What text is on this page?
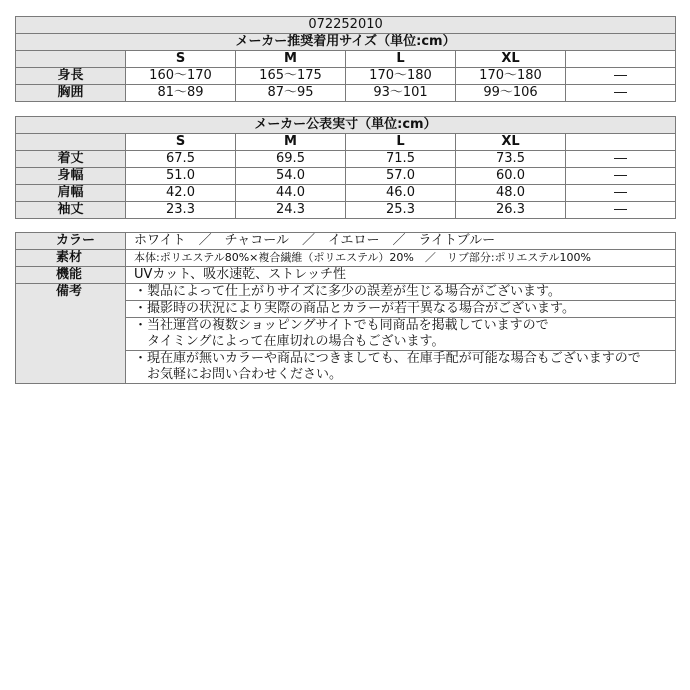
072252010					
メーカー推奨着用サイズ（単位:cm）					
	S	M	L	XL	
身長	160～170	165～175	170～180	170～180	―
胸囲	81～89	87～95	93～101	99～106	―
メーカー公表実寸（単位:cm）					
	S	M	L	XL	
着丈	67.5	69.5	71.5	73.5	―
身幅	51.0	54.0	57.0	60.0	―
肩幅	42.0	44.0	46.0	48.0	―
袖丈	23.3	24.3	25.3	26.3	―
カラー	ホワイト　／　チャコール　／　イエロー　／　ライトブルー
素材	本体:ポリエステル80%×複合繊維（ポリエステル）20%　／　リブ部分:ポリエステル100%
機能	UVカット、吸水速乾、ストレッチ性
備考	・製品によって仕上がりサイズに多少の誤差が生じる場合がございます。
	・撮影時の状況により実際の商品とカラーが若干異なる場合がございます。
	・当社運営の複数ショッピングサイトでも同商品を掲載していますので
	　タイミングによって在庫切れの場合もございます。
	・現在庫が無いカラーや商品につきましても、在庫手配が可能な場合もございますので
	　お気軽にお問い合わせください。
